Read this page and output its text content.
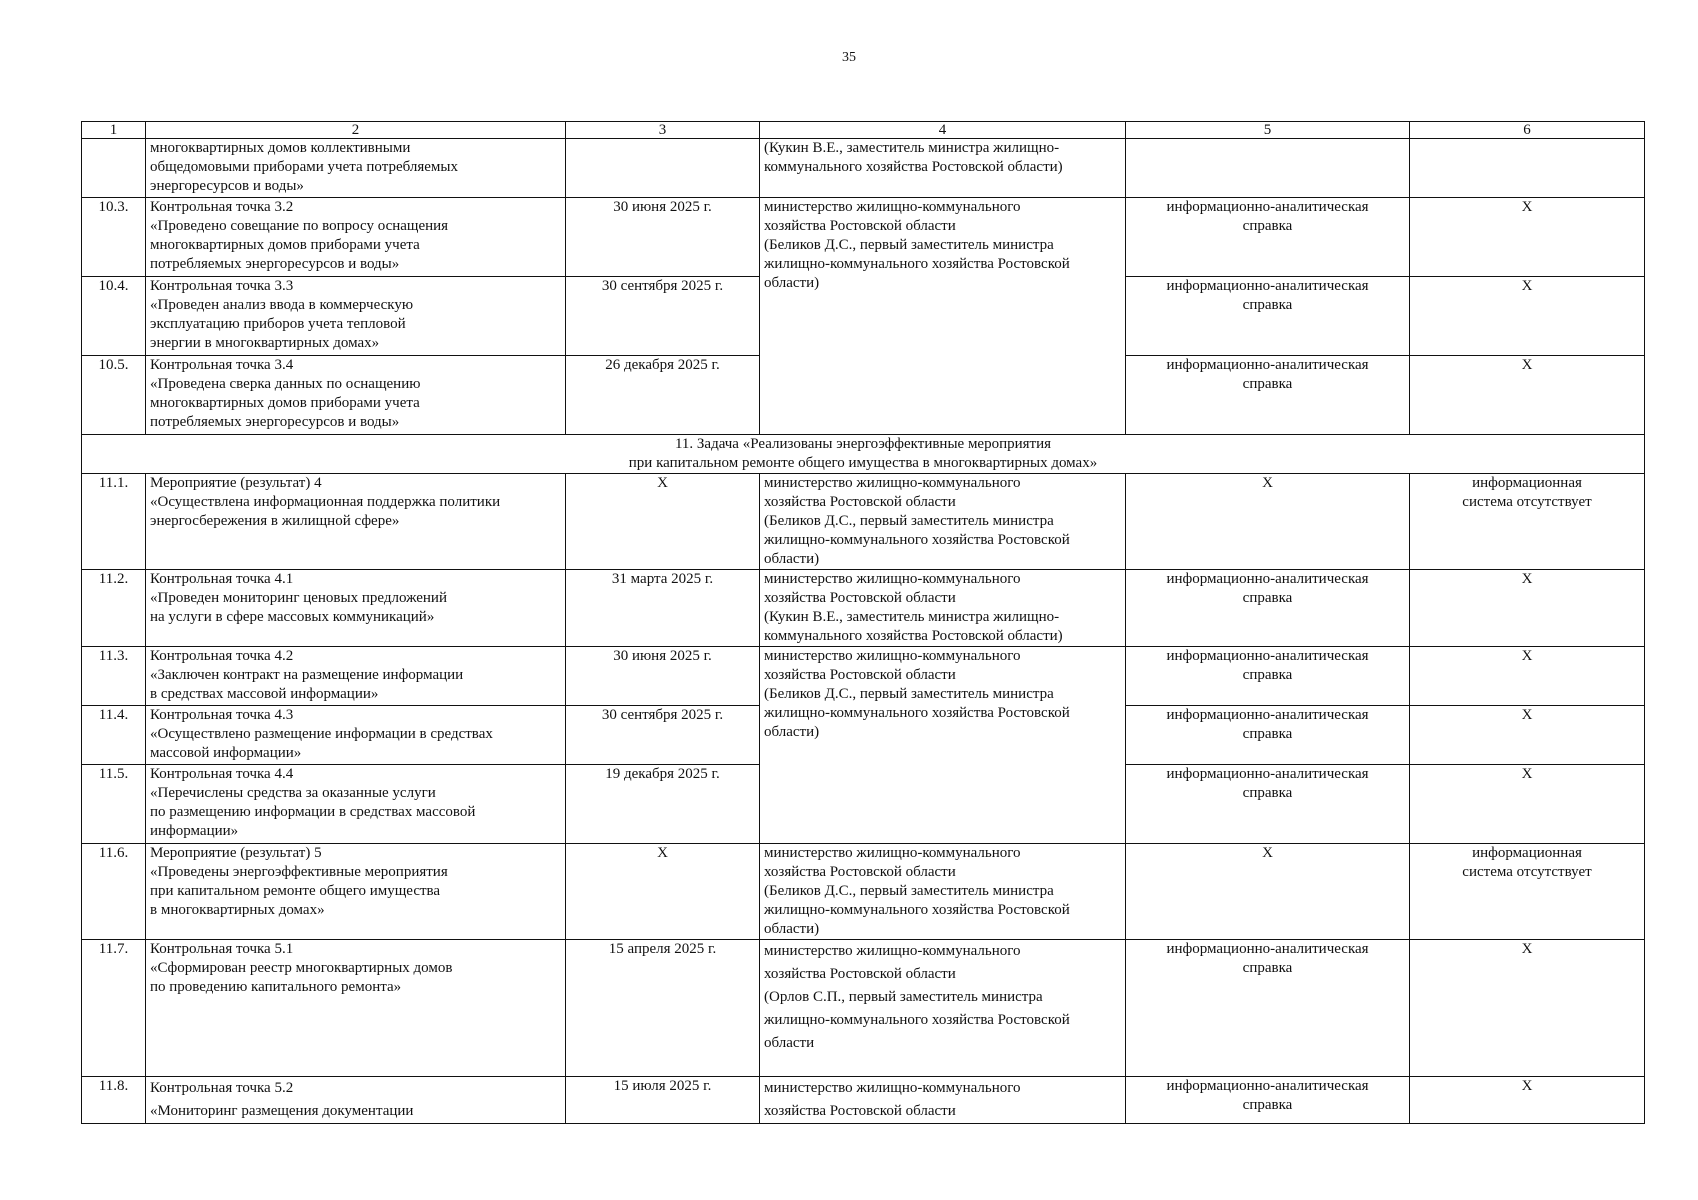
35
1	2	3	4	5	6
	многоквартирных домов коллективными
общедомовыми приборами учета потребляемых
энергоресурсов и воды»		(Кукин В.Е., заместитель министра жилищно-
коммунального хозяйства Ростовской области)		
10.3.	Контрольная точка 3.2
«Проведено совещание по вопросу оснащения
многоквартирных домов приборами учета
потребляемых энергоресурсов и воды»	30 июня 2025 г.	министерство жилищно-коммунального
хозяйства Ростовской области
(Беликов Д.С., первый заместитель министра
жилищно-коммунального хозяйства Ростовской
области)	информационно-аналитическая
справка	Х
10.4.	Контрольная точка 3.3
«Проведен анализ ввода в коммерческую
эксплуатацию приборов учета тепловой
энергии в многоквартирных домах»	30 сентября 2025 г.		информационно-аналитическая
справка	Х
10.5.	Контрольная точка 3.4
«Проведена сверка данных по оснащению
многоквартирных домов приборами учета
потребляемых энергоресурсов и воды»	26 декабря 2025 г.		информационно-аналитическая
справка	Х
11. Задача «Реализованы энергоэффективные мероприятия
при капитальном ремонте общего имущества в многоквартирных домах»					
11.1.	Мероприятие (результат) 4
«Осуществлена информационная поддержка политики
энергосбережения в жилищной сфере»	Х	министерство жилищно-коммунального
хозяйства Ростовской области
(Беликов Д.С., первый заместитель министра
жилищно-коммунального хозяйства Ростовской
области)	Х	информационная
система отсутствует
11.2.	Контрольная точка 4.1
«Проведен мониторинг ценовых предложений
на услуги в сфере массовых коммуникаций»	31 марта 2025 г.	министерство жилищно-коммунального
хозяйства Ростовской области
(Кукин В.Е., заместитель министра жилищно-
коммунального хозяйства Ростовской области)	информационно-аналитическая
справка	Х
11.3.	Контрольная точка 4.2
«Заключен контракт на размещение информации
в средствах массовой информации»	30 июня 2025 г.	министерство жилищно-коммунального
хозяйства Ростовской области
(Беликов Д.С., первый заместитель министра
жилищно-коммунального хозяйства Ростовской
области)	информационно-аналитическая
справка	Х
11.4.	Контрольная точка 4.3
«Осуществлено размещение информации в средствах
массовой информации»	30 сентября 2025 г.		информационно-аналитическая
справка	Х
11.5.	Контрольная точка 4.4
«Перечислены средства за оказанные услуги
по размещению информации в средствах массовой
информации»	19 декабря 2025 г.		информационно-аналитическая
справка	Х
11.6.	Мероприятие (результат) 5
«Проведены энергоэффективные мероприятия
при капитальном ремонте общего имущества
в многоквартирных домах»	Х	министерство жилищно-коммунального
хозяйства Ростовской области
(Беликов Д.С., первый заместитель министра
жилищно-коммунального хозяйства Ростовской
области)	Х	информационная
система отсутствует
11.7.	Контрольная точка 5.1
«Сформирован реестр многоквартирных домов
по проведению капитального ремонта»	15 апреля 2025 г.	министерство жилищно-коммунального
хозяйства Ростовской области
(Орлов С.П., первый заместитель министра
жилищно-коммунального хозяйства Ростовской
области	информационно-аналитическая
справка	Х
11.8.	Контрольная точка 5.2
«Мониторинг размещения документации	15 июля 2025 г.	министерство жилищно-коммунального
хозяйства Ростовской области	информационно-аналитическая
справка	Х
